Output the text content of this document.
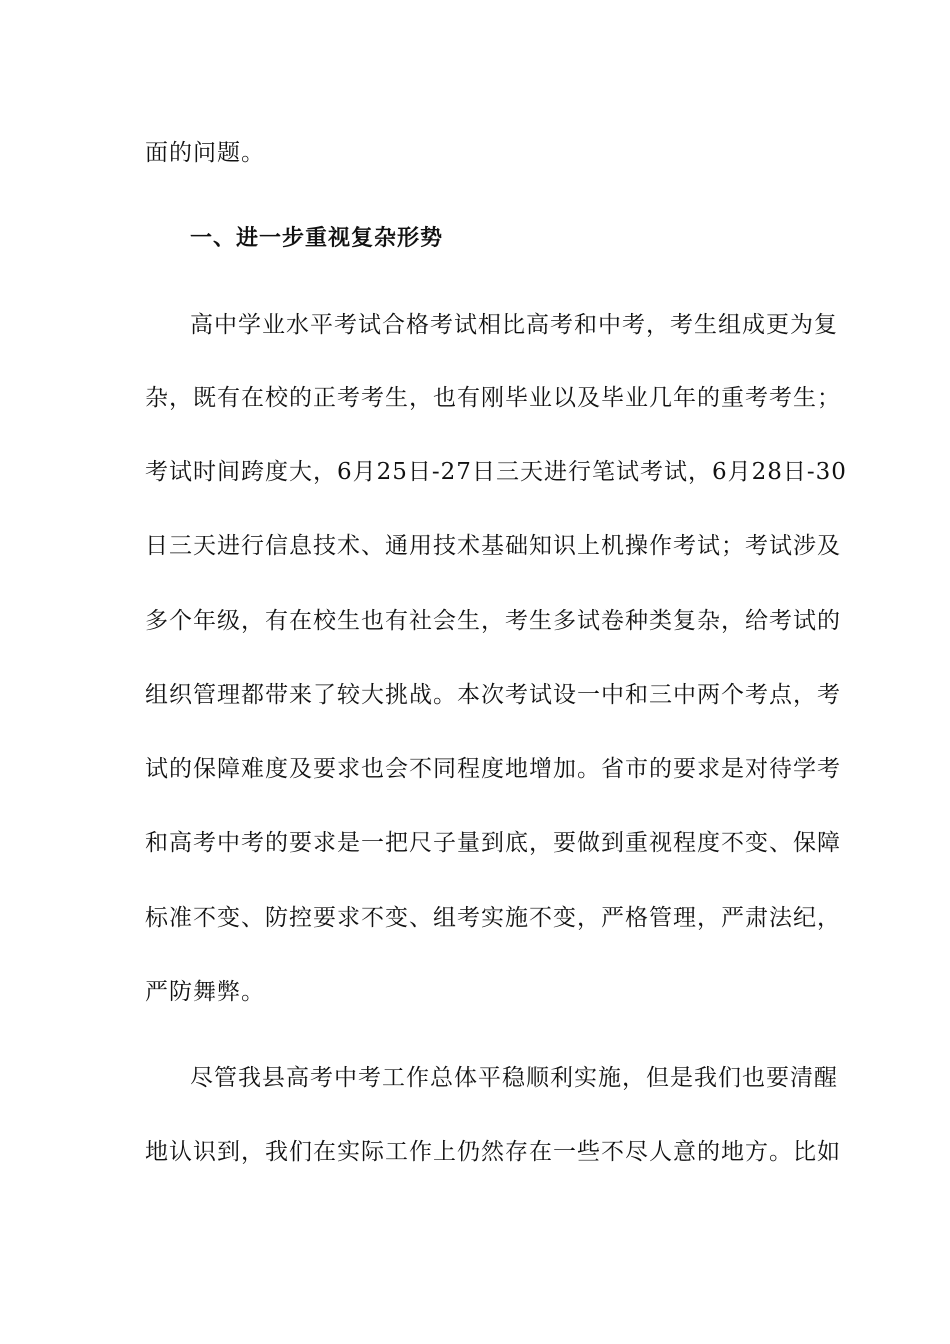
面的问题。
一、进一步重视复杂形势
高中学业水平考试合格考试相比高考和中考，考生组成更为复
杂，既有在校的正考考生，也有刚毕业以及毕业几年的重考考生；
考试时间跨度大，6月25日-27日三天进行笔试考试，6月28日-30
日三天进行信息技术、通用技术基础知识上机操作考试；考试涉及
多个年级，有在校生也有社会生，考生多试卷种类复杂，给考试的
组织管理都带来了较大挑战。本次考试设一中和三中两个考点，考
试的保障难度及要求也会不同程度地增加。省市的要求是对待学考
和高考中考的要求是一把尺子量到底，要做到重视程度不变、保障
标准不变、防控要求不变、组考实施不变，严格管理，严肃法纪，
严防舞弊。
尽管我县高考中考工作总体平稳顺利实施，但是我们也要清醒
地认识到，我们在实际工作上仍然存在一些不尽人意的地方。比如
